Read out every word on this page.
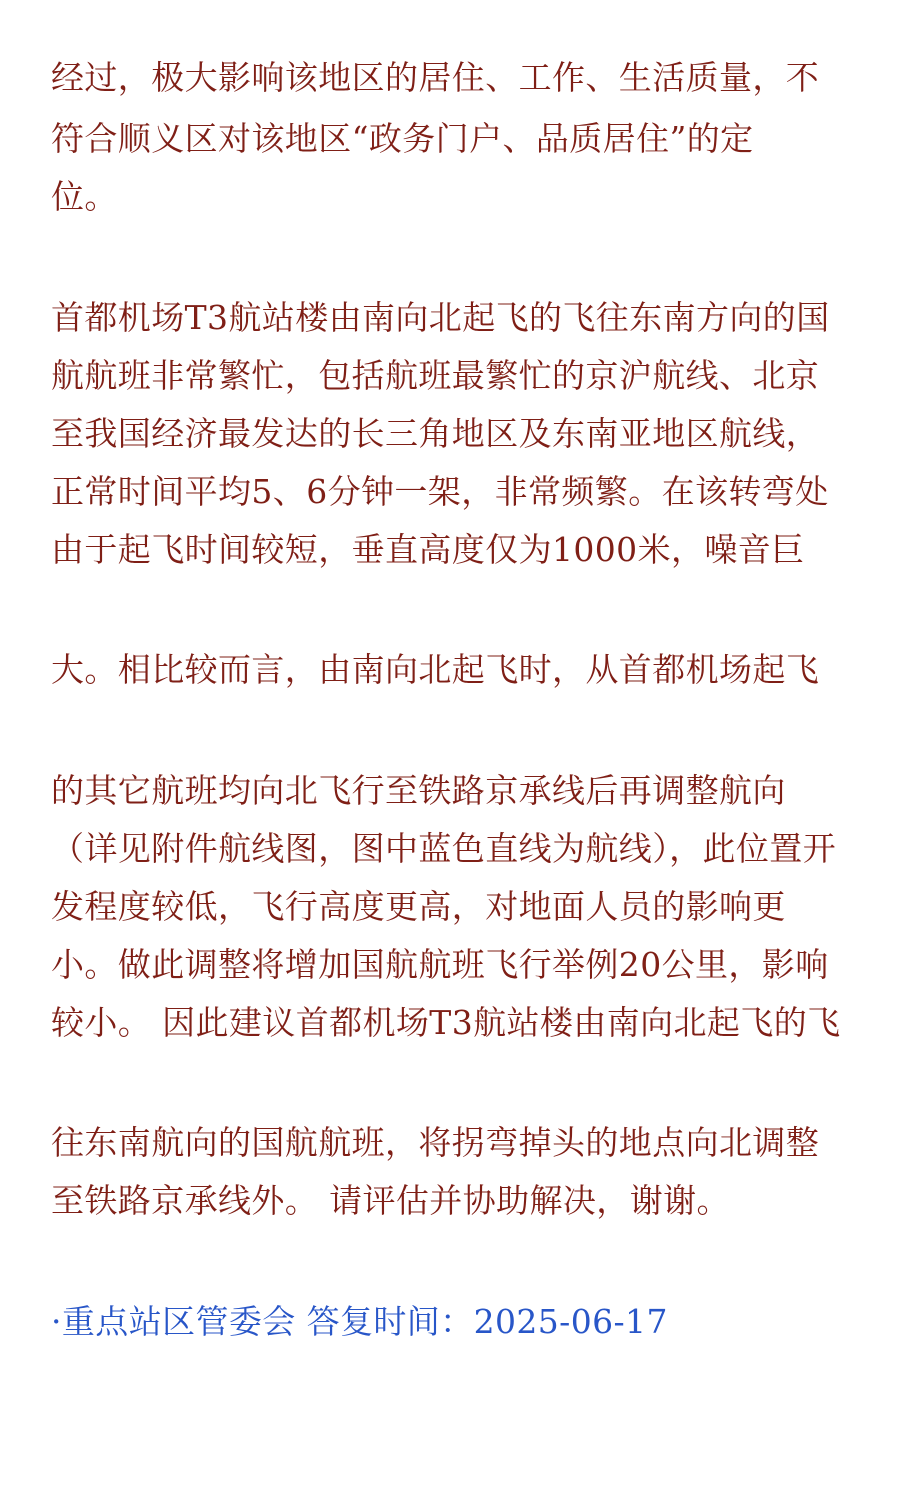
经过，极大影响该地区的居住、工作、生活质量，不
符合顺义区对该地区“政务门户、品质居住”的定
位。
首都机场T3航站楼由南向北起飞的飞往东南方向的国
航航班非常繁忙，包括航班最繁忙的京沪航线、北京
至我国经济最发达的长三角地区及东南亚地区航线，
正常时间平均5、6分钟一架，非常频繁。在该转弯处
由于起飞时间较短，垂直高度仅为1000米，噪音巨
大。相比较而言，由南向北起飞时，从首都机场起飞
的其它航班均向北飞行至铁路京承线后再调整航向
（详见附件航线图，图中蓝色直线为航线），此位置开
发程度较低，飞行高度更高，对地面人员的影响更
小。做此调整将增加国航航班飞行举例20公里，影响
较小。 因此建议首都机场T3航站楼由南向北起飞的飞
往东南航向的国航航班，将拐弯掉头的地点向北调整
至铁路京承线外。 请评估并协助解决，谢谢。
·重点站区管委会 答复时间：2025-06-17
